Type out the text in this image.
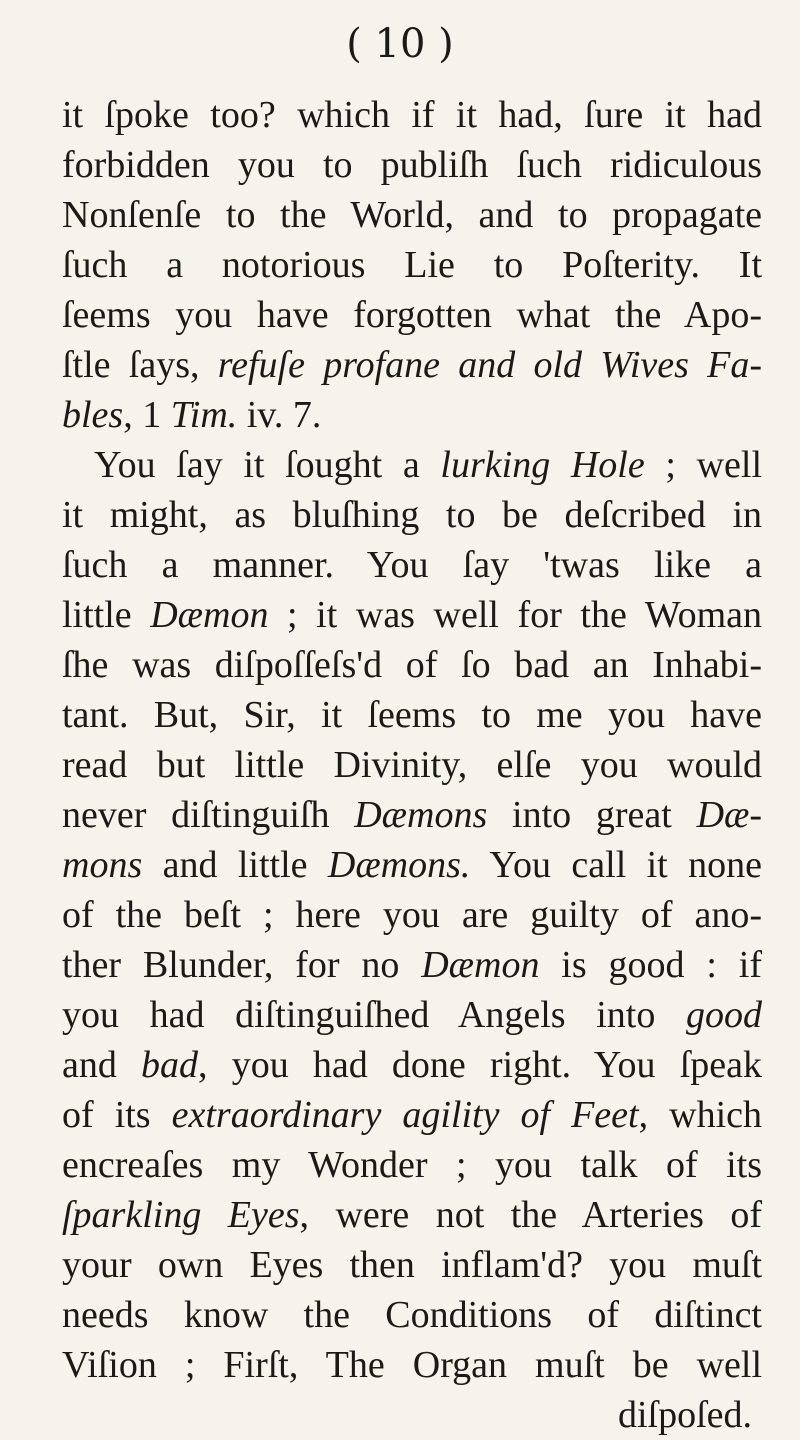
( 10 )
it ſpoke too? which if it had, ſure it had
forbidden you to publiſh ſuch ridiculous
Nonſenſe to the World, and to propagate
ſuch a notorious Lie to Poſterity. It
ſeems you have forgotten what the Apo-
ſtle ſays, refuſe profane and old Wives Fa-
bles, 1 Tim. iv. 7.
You ſay it ſought a lurking Hole ; well
it might, as bluſhing to be deſcribed in
ſuch a manner. You ſay 'twas like a
little Dæmon ; it was well for the Woman
ſhe was diſpoſſeſs'd of ſo bad an Inhabi-
tant. But, Sir, it ſeems to me you have
read but little Divinity, elſe you would
never diſtinguiſh Dæmons into great Dæ-
mons and little Dæmons. You call it none
of the beſt ; here you are guilty of ano-
ther Blunder, for no Dæmon is good : if
you had diſtinguiſhed Angels into good
and bad, you had done right. You ſpeak
of its extraordinary agility of Feet, which
encreaſes my Wonder ; you talk of its
ſparkling Eyes, were not the Arteries of
your own Eyes then inflam'd? you muſt
needs know the Conditions of diſtinct
Viſion ; Firſt, The Organ muſt be well
diſpoſed.
